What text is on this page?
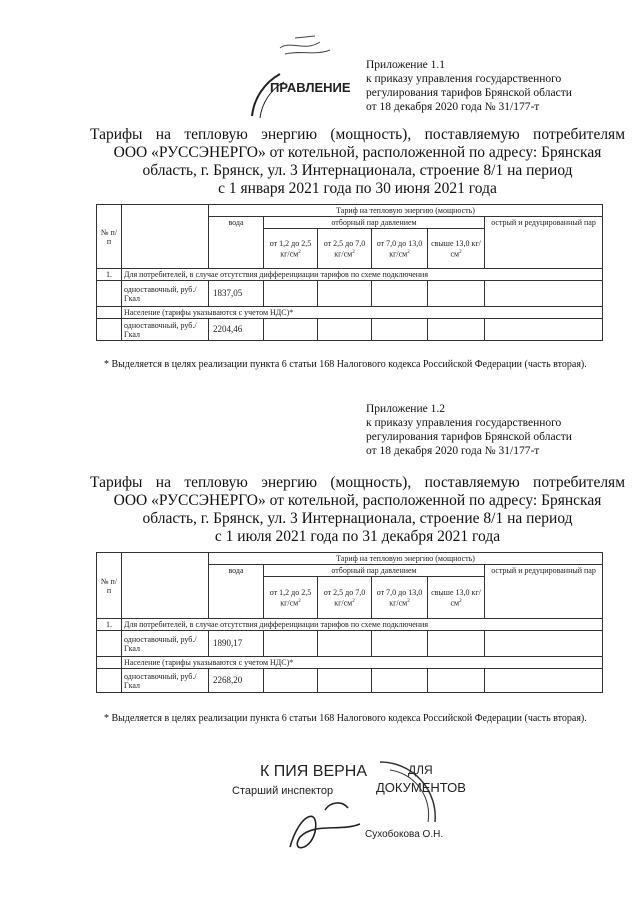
ПРАВЛЕНИЕ
Приложение 1.1
к приказу управления государственного
регулирования тарифов Брянской области
от 18 декабря 2020 года № 31/177-т
Тарифы на тепловую энергию (мощность), поставляемую потребителям
ООО «РУССЭНЕРГО» от котельной, расположенной по адресу: Брянская
область, г. Брянск, ул. 3 Интернационала, строение 8/1 на период
с 1 января 2021 года по 30 июня 2021 года
№ п/п		Тариф на тепловую энергию (мощность)					
		вода	отборный пар давлением				острый и редуцированный пар
			от 1,2 до 2,5 $кг/см^2$	от 2,5 до 7,0 $кг/см^2$	от 7,0 до 13,0 $кг/см^2$	свыше 13,0 $кг/см^2$
1.	Для потребителей, в случае отсутствия дифференциации тарифов по схеме подключения						
	одноставочный, руб./Гкал	1837,05					
	Население (тарифы указываются с учетом НДС)*						
	одноставочный, руб./Гкал	2204,46					
* Выделяется в целях реализации пункта 6 статьи 168 Налогового кодекса Российской Федерации (часть вторая).
Приложение 1.2
к приказу управления государственного
регулирования тарифов Брянской области
от 18 декабря 2020 года № 31/177-т
Тарифы на тепловую энергию (мощность), поставляемую потребителям
ООО «РУССЭНЕРГО» от котельной, расположенной по адресу: Брянская
область, г. Брянск, ул. 3 Интернационала, строение 8/1 на период
с 1 июля 2021 года по 31 декабря 2021 года
№ п/п		Тариф на тепловую энергию (мощность)					
		вода	отборный пар давлением				острый и редуцированный пар
			от 1,2 до 2,5 $кг/см^2$	от 2,5 до 7,0 $кг/см^2$	от 7,0 до 13,0 $кг/см^2$	свыше 13,0 $кг/см^2$
1.	Для потребителей, в случае отсутствия дифференциации тарифов по схеме подключения						
	одноставочный, руб./Гкал	1890,17					
	Население (тарифы указываются с учетом НДС)*						
	одноставочный, руб./Гкал	2268,20					
* Выделяется в целях реализации пункта 6 статьи 168 Налогового кодекса Российской Федерации (часть вторая).
К ПИЯ ВЕРНА	ДЛЯ
ДОКУМЕНТОВ
Старший инспектор
Сухобокова О.Н.
